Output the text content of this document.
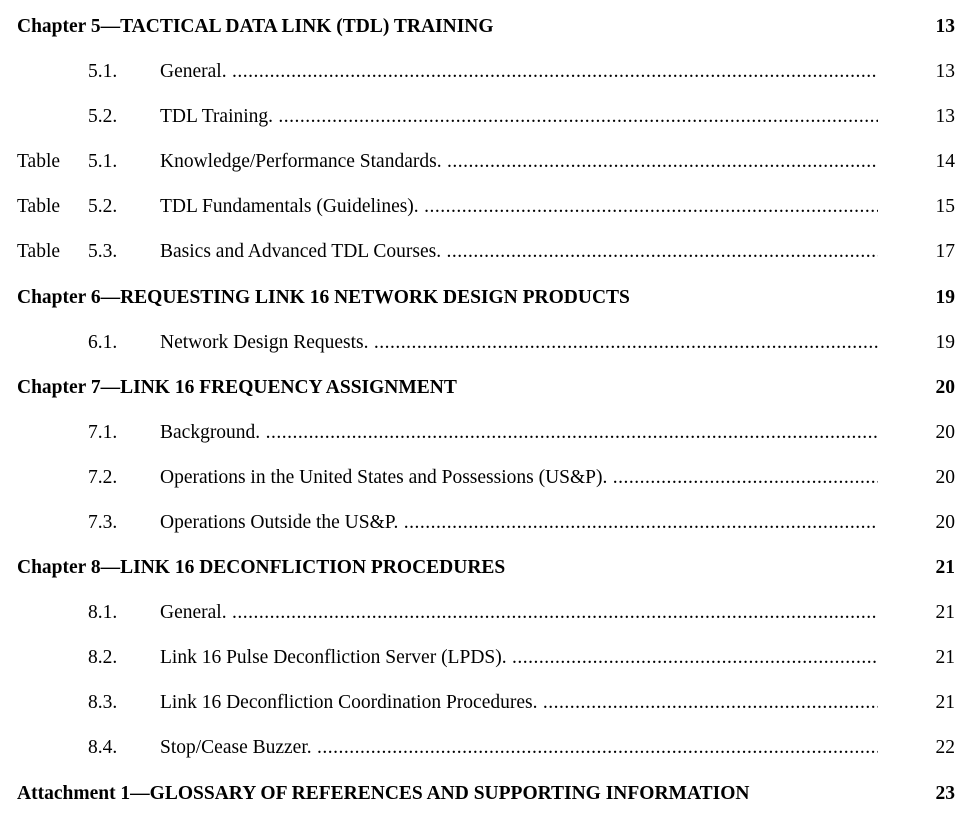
Chapter 5—TACTICAL DATA LINK (TDL) TRAINING	13
5.1. General. .....	13
5.2. TDL Training. .....	13
Table 5.1. Knowledge/Performance Standards. .....	14
Table 5.2. TDL Fundamentals (Guidelines). .....	15
Table 5.3. Basics and Advanced TDL Courses. .....	17
Chapter 6—REQUESTING LINK 16 NETWORK DESIGN PRODUCTS	19
6.1. Network Design Requests. .....	19
Chapter 7—LINK 16 FREQUENCY ASSIGNMENT	20
7.1. Background. .....	20
7.2. Operations in the United States and Possessions (US&P). .....	20
7.3. Operations Outside the US&P. .....	20
Chapter 8—LINK 16 DECONFLICTION PROCEDURES	21
8.1. General. .....	21
8.2. Link 16 Pulse Deconfliction Server (LPDS). .....	21
8.3. Link 16 Deconfliction Coordination Procedures. .....	21
8.4. Stop/Cease Buzzer. .....	22
Attachment 1—GLOSSARY OF REFERENCES AND SUPPORTING INFORMATION	23
